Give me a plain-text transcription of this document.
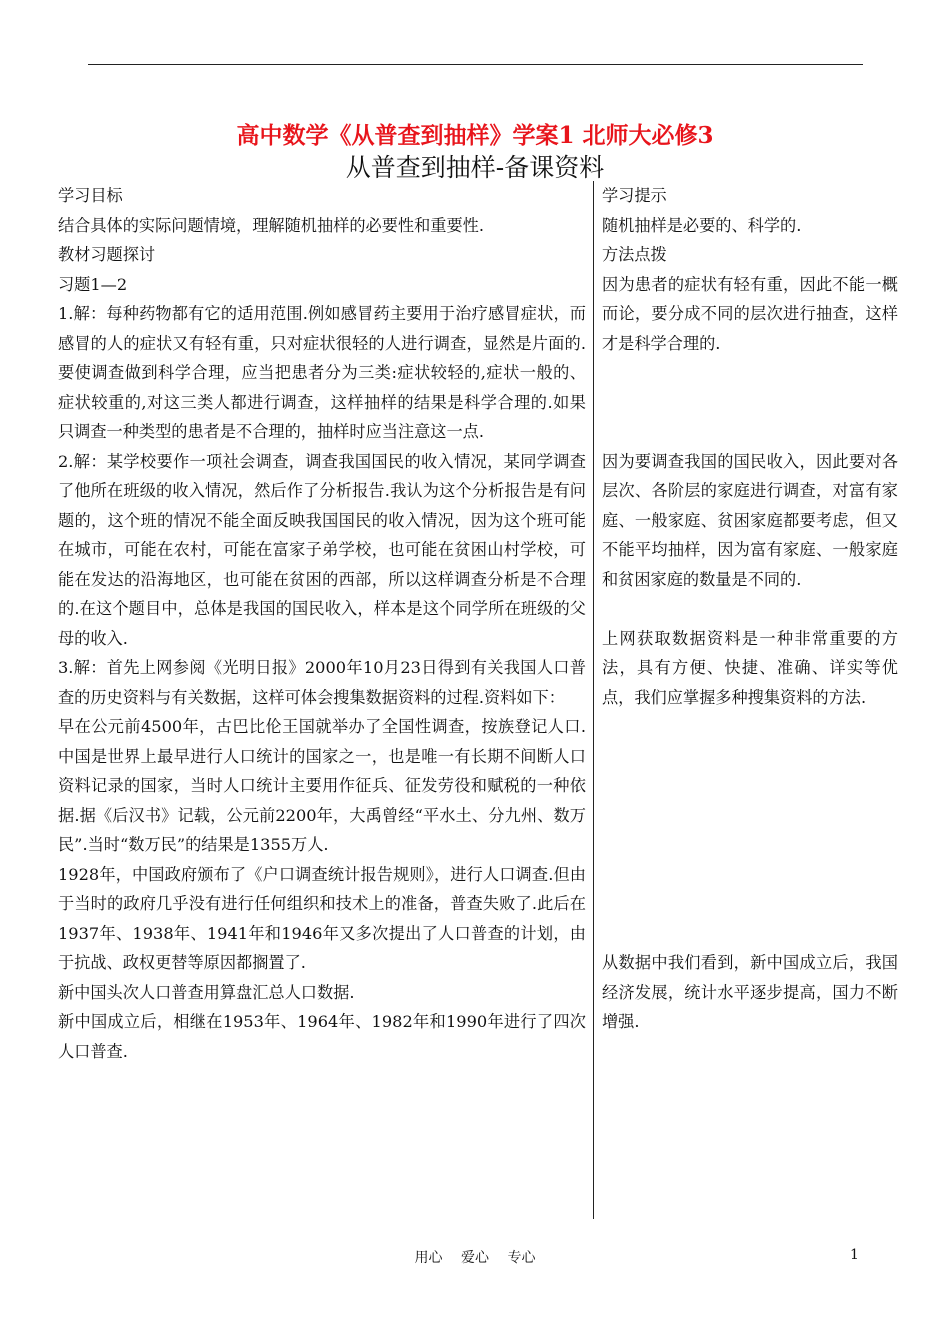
高中数学《从普查到抽样》学案1 北师大必修3
从普查到抽样-备课资料

学习目标

结合具体的实际问题情境，理解随机抽样的必要性和重要性.

教材习题探讨

习题1—2

1.解：每种药物都有它的适用范围.例如感冒药主要用于治疗感冒症状，而感冒的人的症状又有轻有重，只对症状很轻的人进行调查，显然是片面的.要使调查做到科学合理，应当把患者分为三类:症状较轻的,症状一般的、症状较重的,对这三类人都进行调查，这样抽样的结果是科学合理的.如果只调查一种类型的患者是不合理的，抽样时应当注意这一点.

2.解：某学校要作一项社会调查，调查我国国民的收入情况，某同学调查了他所在班级的收入情况，然后作了分析报告.我认为这个分析报告是有问题的，这个班的情况不能全面反映我国国民的收入情况，因为这个班可能在城市，可能在农村，可能在富家子弟学校，也可能在贫困山村学校，可能在发达的沿海地区，也可能在贫困的西部，所以这样调查分析是不合理的.在这个题目中，总体是我国的国民收入，样本是这个同学所在班级的父母的收入.

3.解：首先上网参阅《光明日报》2000年10月23日得到有关我国人口普查的历史资料与有关数据，这样可体会搜集数据资料的过程.资料如下：

早在公元前4500年，古巴比伦王国就举办了全国性调查，按族登记人口.中国是世界上最早进行人口统计的国家之一，也是唯一有长期不间断人口资料记录的国家，当时人口统计主要用作征兵、征发劳役和赋税的一种依据.据《后汉书》记载，公元前2200年，大禹曾经“平水土、分九州、数万民”.当时“数万民”的结果是1355万人.

1928年，中国政府颁布了《户口调查统计报告规则》，进行人口调查.但由于当时的政府几乎没有进行任何组织和技术上的准备，普查失败了.此后在1937年、1938年、1941年和1946年又多次提出了人口普查的计划，由于抗战、政权更替等原因都搁置了.

新中国头次人口普查用算盘汇总人口数据.

新中国成立后，相继在1953年、1964年、1982年和1990年进行了四次人口普查.

学习提示

随机抽样是必要的、科学的.

方法点拨

因为患者的症状有轻有重，因此不能一概而论，要分成不同的层次进行抽查，这样才是科学合理的.

因为要调查我国的国民收入，因此要对各层次、各阶层的家庭进行调查，对富有家庭、一般家庭、贫困家庭都要考虑，但又不能平均抽样，因为富有家庭、一般家庭和贫困家庭的数量是不同的.

上网获取数据资料是一种非常重要的方法，具有方便、快捷、准确、详实等优点，我们应掌握多种搜集资料的方法.

从数据中我们看到，新中国成立后，我国经济发展，统计水平逐步提高，国力不断增强.

用心 爱心 专心	1
